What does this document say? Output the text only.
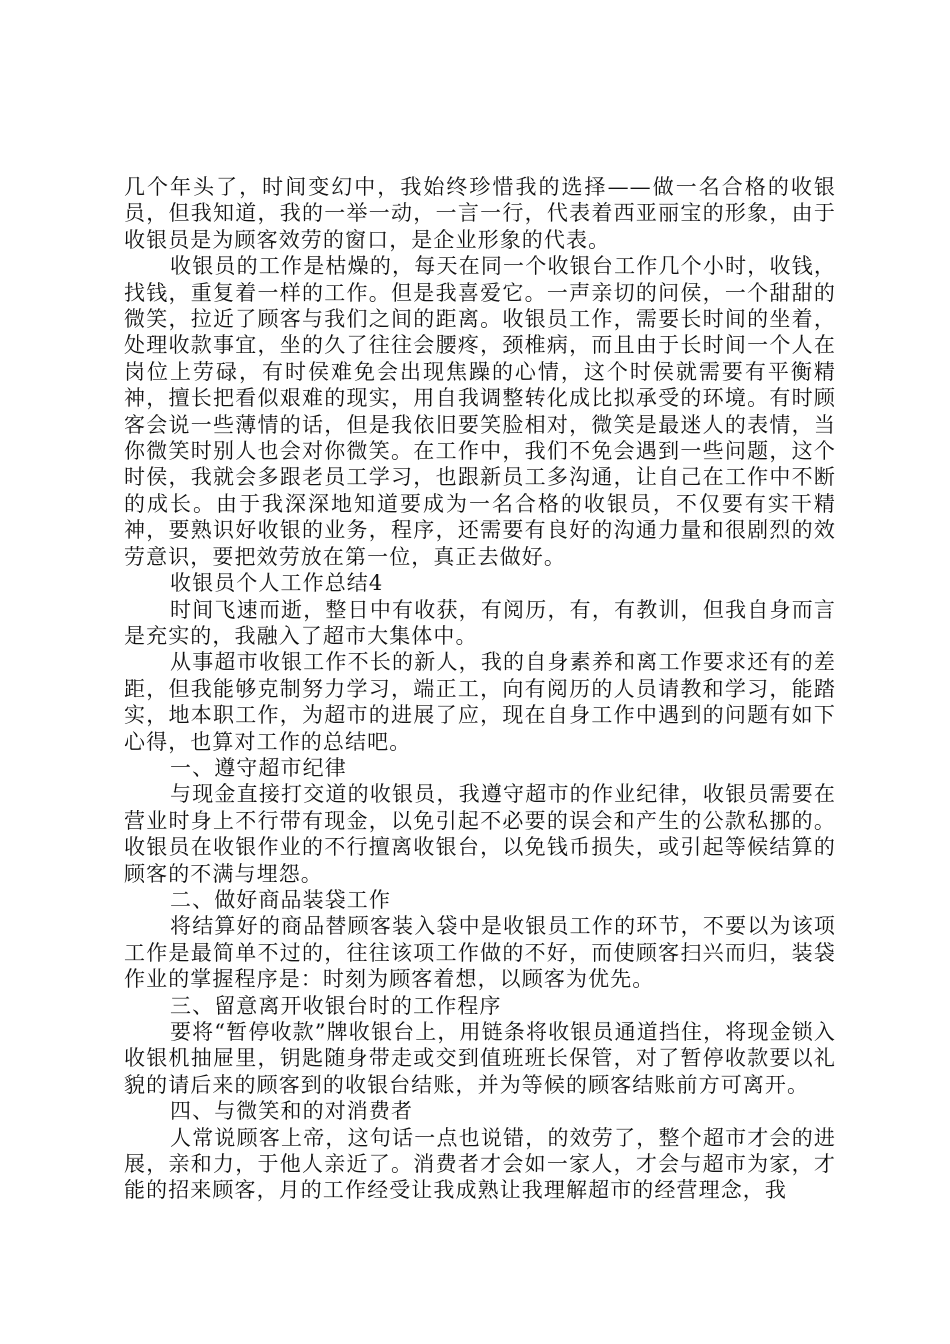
几个年头了，时间变幻中，我始终珍惜我的选择——做一名合格的收银员，但我知道，我的一举一动，一言一行，代表着西亚丽宝的形象，由于收银员是为顾客效劳的窗口，是企业形象的代表。

收银员的工作是枯燥的，每天在同一个收银台工作几个小时，收钱，找钱，重复着一样的工作。但是我喜爱它。一声亲切的问侯，一个甜甜的微笑，拉近了顾客与我们之间的距离。收银员工作，需要长时间的坐着，处理收款事宜，坐的久了往往会腰疼，颈椎病，而且由于长时间一个人在岗位上劳碌，有时侯难免会出现焦躁的心情，这个时侯就需要有平衡精神，擅长把看似艰难的现实，用自我调整转化成比拟承受的环境。有时顾客会说一些薄情的话，但是我依旧要笑脸相对，微笑是最迷人的表情，当你微笑时别人也会对你微笑。在工作中，我们不免会遇到一些问题，这个时侯，我就会多跟老员工学习，也跟新员工多沟通，让自己在工作中不断的成长。由于我深深地知道要成为一名合格的收银员，不仅要有实干精神，要熟识好收银的业务，程序，还需要有良好的沟通力量和很剧烈的效劳意识，要把效劳放在第一位，真正去做好。

收银员个人工作总结4

时间飞速而逝，整日中有收获，有阅历，有，有教训，但我自身而言是充实的，我融入了超市大集体中。

从事超市收银工作不长的新人，我的自身素养和离工作要求还有的差距，但我能够克制努力学习，端正工，向有阅历的人员请教和学习，能踏实，地本职工作，为超市的进展了应，现在自身工作中遇到的问题有如下心得，也算对工作的总结吧。

一、遵守超市纪律

与现金直接打交道的收银员，我遵守超市的作业纪律，收银员需要在营业时身上不行带有现金，以免引起不必要的误会和产生的公款私挪的。收银员在收银作业的不行擅离收银台，以免钱币损失，或引起等候结算的顾客的不满与埋怨。

二、做好商品装袋工作

将结算好的商品替顾客装入袋中是收银员工作的环节，不要以为该项工作是最简单不过的，往往该项工作做的不好，而使顾客扫兴而归，装袋作业的掌握程序是：时刻为顾客着想，以顾客为优先。

三、留意离开收银台时的工作程序

要将“暂停收款”牌收银台上，用链条将收银员通道挡住，将现金锁入收银机抽屉里，钥匙随身带走或交到值班班长保管，对了暂停收款要以礼貌的请后来的顾客到的收银台结账，并为等候的顾客结账前方可离开。

四、与微笑和的对消费者

人常说顾客上帝，这句话一点也说错，的效劳了，整个超市才会的进展，亲和力，于他人亲近了。消费者才会如一家人，才会与超市为家，才能的招来顾客，月的工作经受让我成熟让我理解超市的经营理念，我
